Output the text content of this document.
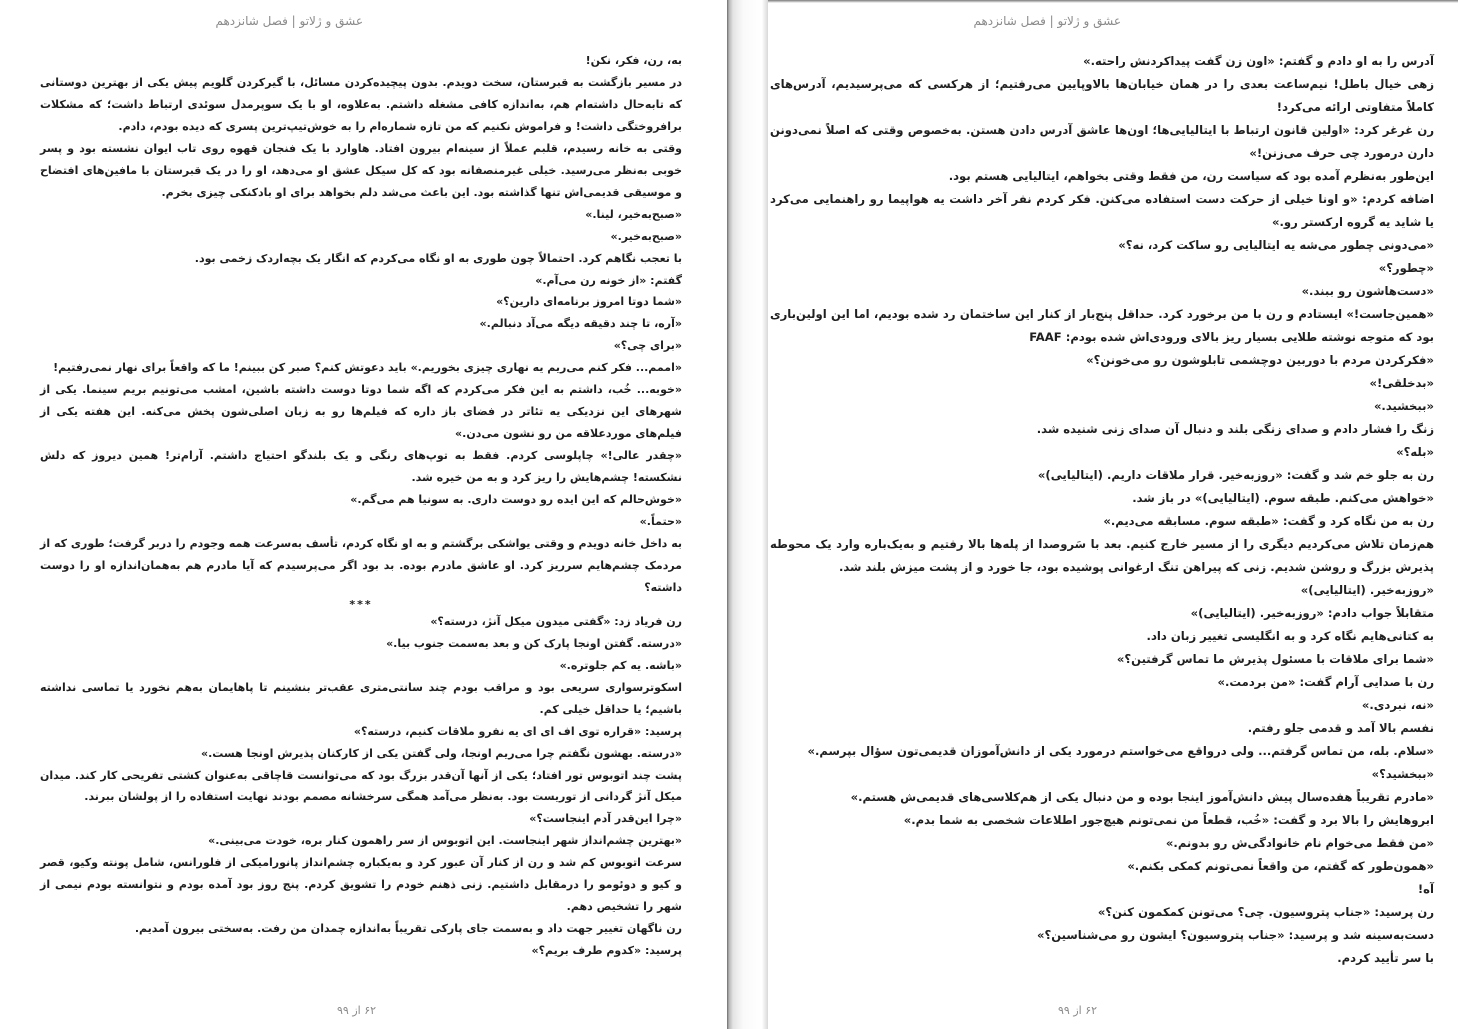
عشق و ژلاتو | فصل شانزدهم

به، رن، فکر، نکن!

در مسیر بازگشت به قبرستان، سخت دویدم. بدون پیچیده‌کردن مسائل، با گیرکردن گلویم پیش یکی از بهترین دوستانی که تابه‌حال داشته‌ام هم، به‌اندازه کافی مشغله داشتم. به‌علاوه، او با یک سوپرمدل سوئدی ارتباط داشت؛ که مشکلات برافروختگی داشت! و فراموش نکنیم که من تازه شماره‌ام را به خوش‌تیپ‌ترین پسری که دیده بودم، دادم.

وقتی به خانه رسیدم، قلبم عملاً از سینه‌ام بیرون افتاد. هاوارد با یک فنجان قهوه روی تاب ایوان نشسته بود و پسر خوبی به‌نظر می‌رسید. خیلی غیرمنصفانه بود که کل سیکل عشق او می‌دهد، او را در یک قبرستان با مافین‌های افتضاح و موسیقی قدیمی‌اش تنها گذاشته بود. این باعث می‌شد دلم بخواهد برای او بادکنکی چیزی بخرم.

«صبح‌به‌خیر، لینا.»

«صبح‌به‌خیر.»

با تعجب نگاهم کرد. احتمالاً چون طوری به او نگاه می‌کردم که انگار یک بچه‌اردک زخمی بود.

گفتم: «از خونه رن می‌آم.»

«شما دوتا امروز برنامه‌ای دارین؟»

«آره، تا چند دقیقه دیگه می‌آد دنبالم.»

«برای چی؟»

«اممم... فکر کنم می‌ریم یه نهاری چیزی بخوریم.» باید دعوتش کنم؟ صبر کن ببینم! ما که واقعاً برای نهار نمی‌رفتیم!

«خوبه... خُب، داشتم به این فکر می‌کردم که اگه شما دوتا دوست داشته باشین، امشب می‌تونیم بریم سینما. یکی از شهرهای این نزدیکی یه تئاتر در فضای باز داره که فیلم‌ها رو به زبان اصلی‌شون پخش می‌کنه. این هفته یکی از فیلم‌های موردعلاقه من رو نشون می‌دن.»

«چقدر عالی!» چاپلوسی کردم. فقط به توپ‌های رنگی و یک بلندگو احتیاج داشتم. آرام‌تر! همین دیروز که دلش نشکسته! چشم‌هایش را ریز کرد و به من خیره شد.

«خوش‌حالم که این ایده رو دوست داری. به سونیا هم می‌گم.»

«حتماً.»

به داخل خانه دویدم و وقتی یواشکی برگشتم و به او نگاه کردم، تأسف به‌سرعت همه وجودم را دربر گرفت؛ طوری که از مردمک چشم‌هایم سرریز کرد. او عاشق مادرم بوده. بد بود اگر می‌پرسیدم که آیا مادرم هم به‌همان‌اندازه او را دوست داشته؟

***

رن فریاد زد: «گفتی میدون میکل آنژ، درسته؟»

«درسته. گفتن اونجا پارک کن و بعد به‌سمت جنوب بیا.»

«باشه. یه کم جلوتره.»

اسکوترسواری سریعی بود و مراقب بودم چند سانتی‌متری عقب‌تر بنشینم تا پاهایمان به‌هم نخورد یا تماسی نداشته باشیم؛ یا حداقل خیلی کم.

پرسید: «قراره توی اف ای ای یه نفرو ملاقات کنیم، درسته؟»

«درسته. بهشون نگفتم چرا می‌ریم اونجا، ولی گفتن یکی از کارکنان پذیرش اونجا هست.»

پشت چند اتوبوس تور افتاد؛ یکی از آنها آن‌قدر بزرگ بود که می‌توانست قاچاقی به‌عنوان کشتی تفریحی کار کند. میدان میکل آنژ گردانی از توریست بود. به‌نظر می‌آمد همگی سرخشانه مصمم بودند نهایت استفاده را از پولشان ببرند.

«چرا این‌قدر آدم اینجاست؟»

«بهترین چشم‌انداز شهر اینجاست. این اتوبوس از سر راهمون کنار بره، خودت می‌بینی.»

سرعت اتوبوس کم شد و رن از کنار آن عبور کرد و به‌یکباره چشم‌انداز پانورامیکی از فلورانس، شامل پونته وکیو، قصر و کیو و دوئومو را درمقابل داشتیم. زنی ذهنم خودم را تشویق کردم. پنج روز بود آمده بودم و نتوانسته بودم نیمی از شهر را تشخیص دهم.

رن ناگهان تغییر جهت داد و به‌سمت جای پارکی تقریباً به‌اندازه چمدان من رفت. به‌سختی بیرون آمدیم.

پرسید: «کدوم طرف بریم؟»

۶۲ از ۹۹
عشق و ژلاتو | فصل شانزدهم

آدرس را به او دادم و گفتم: «اون زن گفت پیداکردنش راحته.»

زهی خیال باطل! نیم‌ساعت بعدی را در همان خیابان‌ها بالاوپایین می‌رفتیم؛ از هرکسی که می‌پرسیدیم، آدرس‌های کاملاً متفاوتی ارائه می‌کرد!

رن غرغر کرد: «اولین قانون ارتباط با ایتالیایی‌ها؛ اون‌ها عاشق آدرس دادن هستن. به‌خصوص وقتی که اصلاً نمی‌دونن دارن درمورد چی حرف می‌زنن!»

این‌طور به‌نظرم آمده بود که سیاست رن، من فقط وقتی بخواهم، ایتالیایی هستم بود.

اضافه کردم: «و اونا خیلی از حرکت دست استفاده می‌کنن. فکر کردم نفر آخر داشت یه هواپیما رو راهنمایی می‌کرد یا شاید یه گروه ارکستر رو.»

«می‌دونی چطور می‌شه یه ایتالیایی رو ساکت کرد، نه؟»

«چطور؟»

«دست‌هاشون رو ببند.»

«همین‌جاست!» ایستادم و رن با من برخورد کرد. حداقل پنج‌بار از کنار این ساختمان رد شده بودیم، اما این اولین‌باری بود که متوجه نوشته طلایی بسیار ریز بالای ورودی‌اش شده بودم: FAAF

«فکرکردن مردم با دوربین دوچشمی تابلوشون رو می‌خونن؟»

«بدخلقی!»

«ببخشید.»

زنگ را فشار دادم و صدای زنگی بلند و دنبال آن صدای زنی شنیده شد.

«بله؟»

رن به جلو خم شد و گفت: «روزبه‌خیر. قرار ملاقات داریم. (ایتالیایی)»

«خواهش می‌کنم. طبقه سوم. (ایتالیایی)» در باز شد.

رن به من نگاه کرد و گفت: «طبقه سوم. مسابقه می‌دیم.»

هم‌زمان تلاش می‌کردیم دیگری را از مسیر خارج کنیم. بعد با سَروصدا از پله‌ها بالا رفتیم و به‌یک‌باره وارد یک محوطه پذیرش بزرگ و روشن شدیم. زنی که پیراهن تنگ ارغوانی پوشیده بود، جا خورد و از پشت میزش بلند شد.

«روزبه‌خیر. (ایتالیایی)»

متقابلاً جواب دادم: «روزبه‌خیر. (ایتالیایی)»

به کتانی‌هایم نگاه کرد و به انگلیسی تغییر زبان داد.

«شما برای ملاقات با مسئول پذیرش ما تماس گرفتین؟»

رن با صدایی آرام گفت: «من بردمت.»

«نه، نبردی.»

نفسم بالا آمد و قدمی جلو رفتم.

«سلام. بله، من تماس گرفتم... ولی درواقع می‌خواستم درمورد یکی از دانش‌آموزان قدیمی‌تون سؤال بپرسم.»

«ببخشید؟»

«مادرم تقریباً هفده‌سال پیش دانش‌آموز اینجا بوده و من دنبال یکی از هم‌کلاسی‌های قدیمی‌ش هستم.»

ابروهایش را بالا برد و گفت: «خُب، قطعاً من نمی‌تونم هیچ‌جور اطلاعات شخصی به شما بدم.»

«من فقط می‌خوام نام خانوادگی‌ش رو بدونم.»

«همون‌طور که گفتم، من واقعاً نمی‌تونم کمکی بکنم.»

آه!

رن پرسید: «جناب پتروسیون. چی؟ می‌تونن کمکمون کنن؟»

دست‌به‌سینه شد و پرسید: «جناب پتروسیون؟ ایشون رو می‌شناسین؟»

با سر تأیید کردم.

۶۲ از ۹۹
